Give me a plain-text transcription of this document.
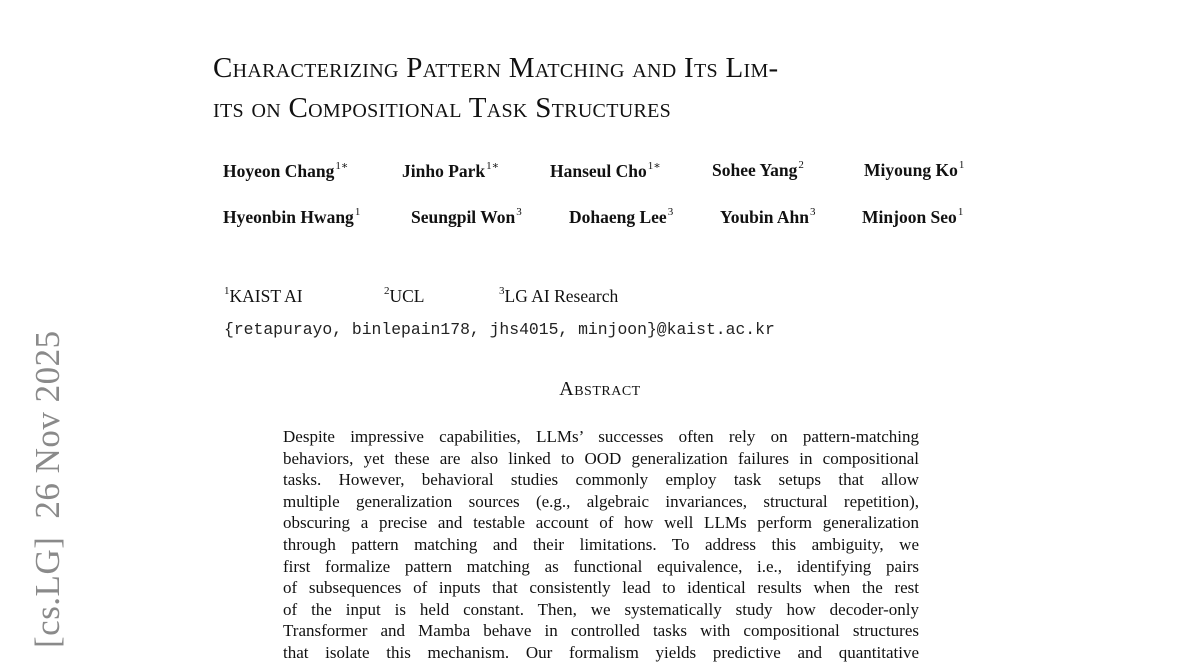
[cs.LG]26 Nov 2025
Characterizing Pattern Matching and Its Lim-
its on Compositional Task Structures
Hoyeon Chang$^{1∗}$	Jinho Park$^{1∗}$	Hanseul Cho$^{1∗}$	Sohee Yang$^2$	Miyoung Ko$^1$
Hyeonbin Hwang$^1$	Seungpil Won$^3$	Dohaeng Lee$^3$	Youbin Ahn$^3$	Minjoon Seo$^1$
$^1$KAIST AI	$^2$UCL	$^3$LG AI Research
{retapurayo, binlepain178, jhs4015, minjoon}@kaist.ac.kr
Abstract
Despite impressive capabilities, LLMs’ successes often rely on pattern-matching
behaviors, yet these are also linked to OOD generalization failures in compositional
tasks. However, behavioral studies commonly employ task setups that allow
multiple generalization sources (e.g., algebraic invariances, structural repetition),
obscuring a precise and testable account of how well LLMs perform generalization
through pattern matching and their limitations. To address this ambiguity, we
first formalize pattern matching as functional equivalence, i.e., identifying pairs
of subsequences of inputs that consistently lead to identical results when the rest
of the input is held constant. Then, we systematically study how decoder-only
Transformer and Mamba behave in controlled tasks with compositional structures
that isolate this mechanism. Our formalism yields predictive and quantitative
